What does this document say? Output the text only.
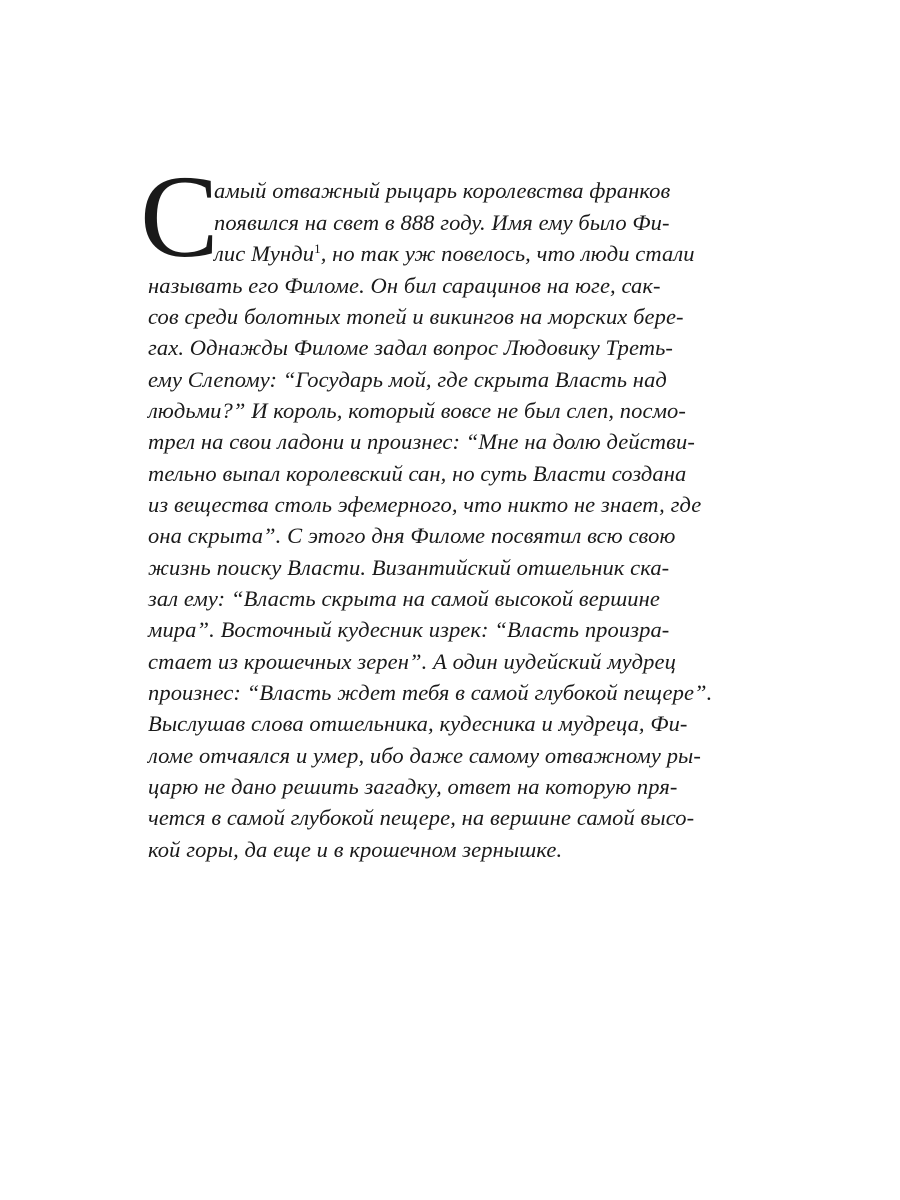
С
амый отважный рыцарь королевства франков
появился на свет в 888 году. Имя ему было Фи-
лис Мунди$^1$, но так уж повелось, что люди стали
называть его Филоме. Он бил сарацинов на юге, сак-
сов среди болотных топей и викингов на морских бере-
гах. Однажды Филоме задал вопрос Людовику Треть-
ему Слепому: “Государь мой, где скрыта Власть над
людьми?” И король, который вовсе не был слеп, посмо-
трел на свои ладони и произнес: “Мне на долю действи-
тельно выпал королевский сан, но суть Власти создана
из вещества столь эфемерного, что никто не знает, где
она скрыта”. С этого дня Филоме посвятил всю свою
жизнь поиску Власти. Византийский отшельник ска-
зал ему: “Власть скрыта на самой высокой вершине
мира”. Восточный кудесник изрек: “Власть произра-
стает из крошечных зерен”. А один иудейский мудрец
произнес: “Власть ждет тебя в самой глубокой пещере”.
Выслушав слова отшельника, кудесника и мудреца, Фи-
ломе отчаялся и умер, ибо даже самому отважному ры-
царю не дано решить загадку, ответ на которую пря-
чется в самой глубокой пещере, на вершине самой высо-
кой горы, да еще и в крошечном зернышке.
